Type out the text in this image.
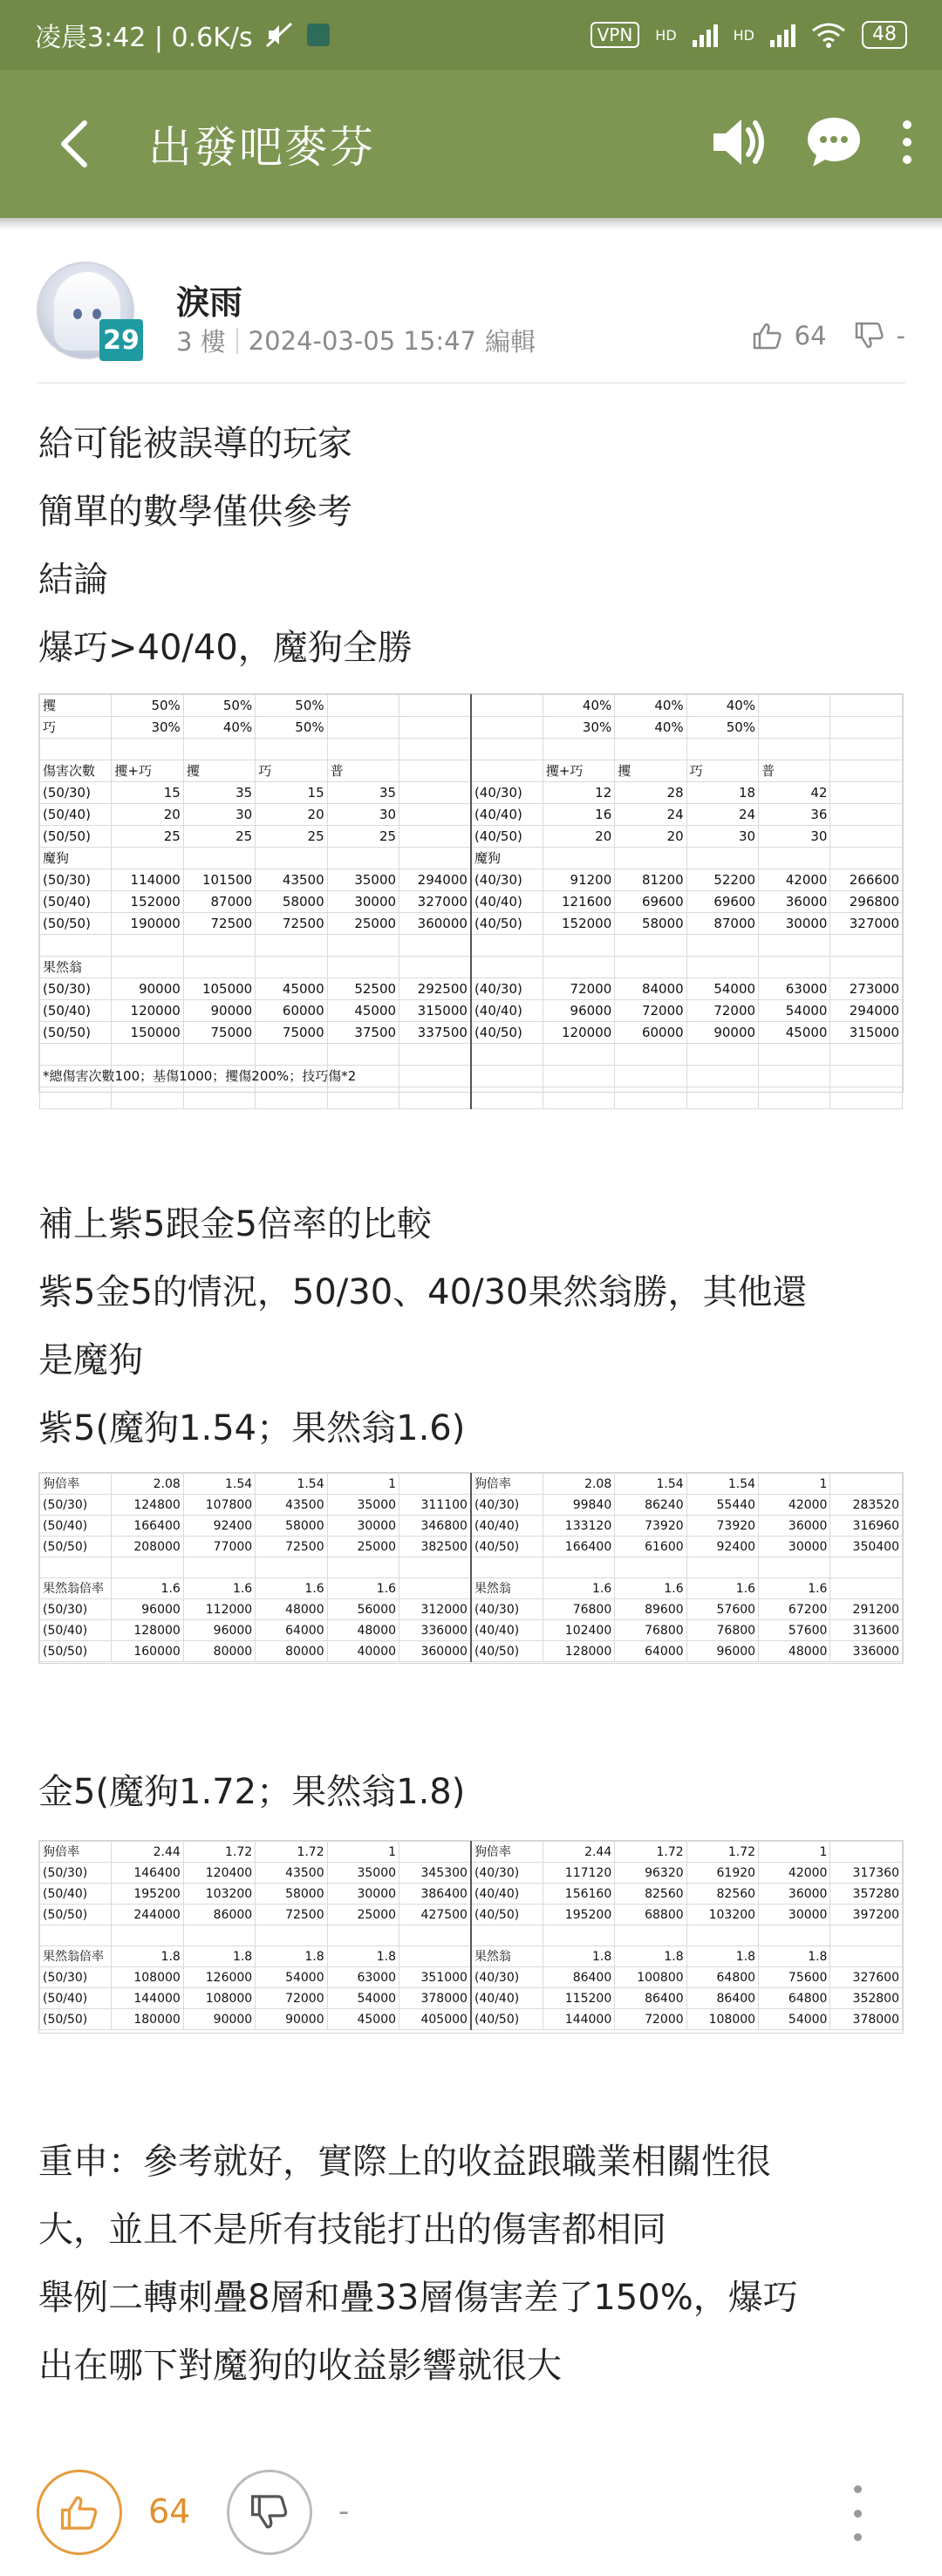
凌晨3:42 | 0.6K/s	VPN	HD	HD	48
出發吧麥芬
29
淚雨
3 樓 2024-03-05 15:47 編輯	64	-

給可能被誤導的玩家

簡單的數學僅供參考

結論

爆巧>40/40，魔狗全勝

攫	50%	50%	50%				40%	40%	40%		
巧	30%	40%	50%				30%	40%	50%		

傷害次數	攫+巧	攫	巧	普			攫+巧	攫	巧	普	
(50/30)	15	35	15	35		(40/30)	12	28	18	42	
(50/40)	20	30	20	30		(40/40)	16	24	24	36	
(50/50)	25	25	25	25		(40/50)	20	20	30	30	
魔狗						魔狗					
(50/30)	114000	101500	43500	35000	294000	(40/30)	91200	81200	52200	42000	266600
(50/40)	152000	87000	58000	30000	327000	(40/40)	121600	69600	69600	36000	296800
(50/50)	190000	72500	72500	25000	360000	(40/50)	152000	58000	87000	30000	327000

果然翁											
(50/30)	90000	105000	45000	52500	292500	(40/30)	72000	84000	54000	63000	273000
(50/40)	120000	90000	60000	45000	315000	(40/40)	96000	72000	72000	54000	294000
(50/50)	150000	75000	75000	37500	337500	(40/50)	120000	60000	90000	45000	315000

*總傷害次數100；基傷1000；攫傷200%；技巧傷*2											

補上紫5跟金5倍率的比較

紫5金5的情況，50/30、40/30果然翁勝，其他還

是魔狗

紫5(魔狗1.54；果然翁1.6)

狗倍率	2.08	1.54	1.54	1		狗倍率	2.08	1.54	1.54	1	
(50/30)	124800	107800	43500	35000	311100	(40/30)	99840	86240	55440	42000	283520
(50/40)	166400	92400	58000	30000	346800	(40/40)	133120	73920	73920	36000	316960
(50/50)	208000	77000	72500	25000	382500	(40/50)	166400	61600	92400	30000	350400

果然翁倍率	1.6	1.6	1.6	1.6		果然翁	1.6	1.6	1.6	1.6	
(50/30)	96000	112000	48000	56000	312000	(40/30)	76800	89600	57600	67200	291200
(50/40)	128000	96000	64000	48000	336000	(40/40)	102400	76800	76800	57600	313600
(50/50)	160000	80000	80000	40000	360000	(40/50)	128000	64000	96000	48000	336000

金5(魔狗1.72；果然翁1.8)

狗倍率	2.44	1.72	1.72	1		狗倍率	2.44	1.72	1.72	1	
(50/30)	146400	120400	43500	35000	345300	(40/30)	117120	96320	61920	42000	317360
(50/40)	195200	103200	58000	30000	386400	(40/40)	156160	82560	82560	36000	357280
(50/50)	244000	86000	72500	25000	427500	(40/50)	195200	68800	103200	30000	397200

果然翁倍率	1.8	1.8	1.8	1.8		果然翁	1.8	1.8	1.8	1.8	
(50/30)	108000	126000	54000	63000	351000	(40/30)	86400	100800	64800	75600	327600
(50/40)	144000	108000	72000	54000	378000	(40/40)	115200	86400	86400	64800	352800
(50/50)	180000	90000	90000	45000	405000	(40/50)	144000	72000	108000	54000	378000

重申：參考就好，實際上的收益跟職業相關性很

大，並且不是所有技能打出的傷害都相同

舉例二轉刺疊8層和疊33層傷害差了150%，爆巧

出在哪下對魔狗的收益影響就很大

64	-
